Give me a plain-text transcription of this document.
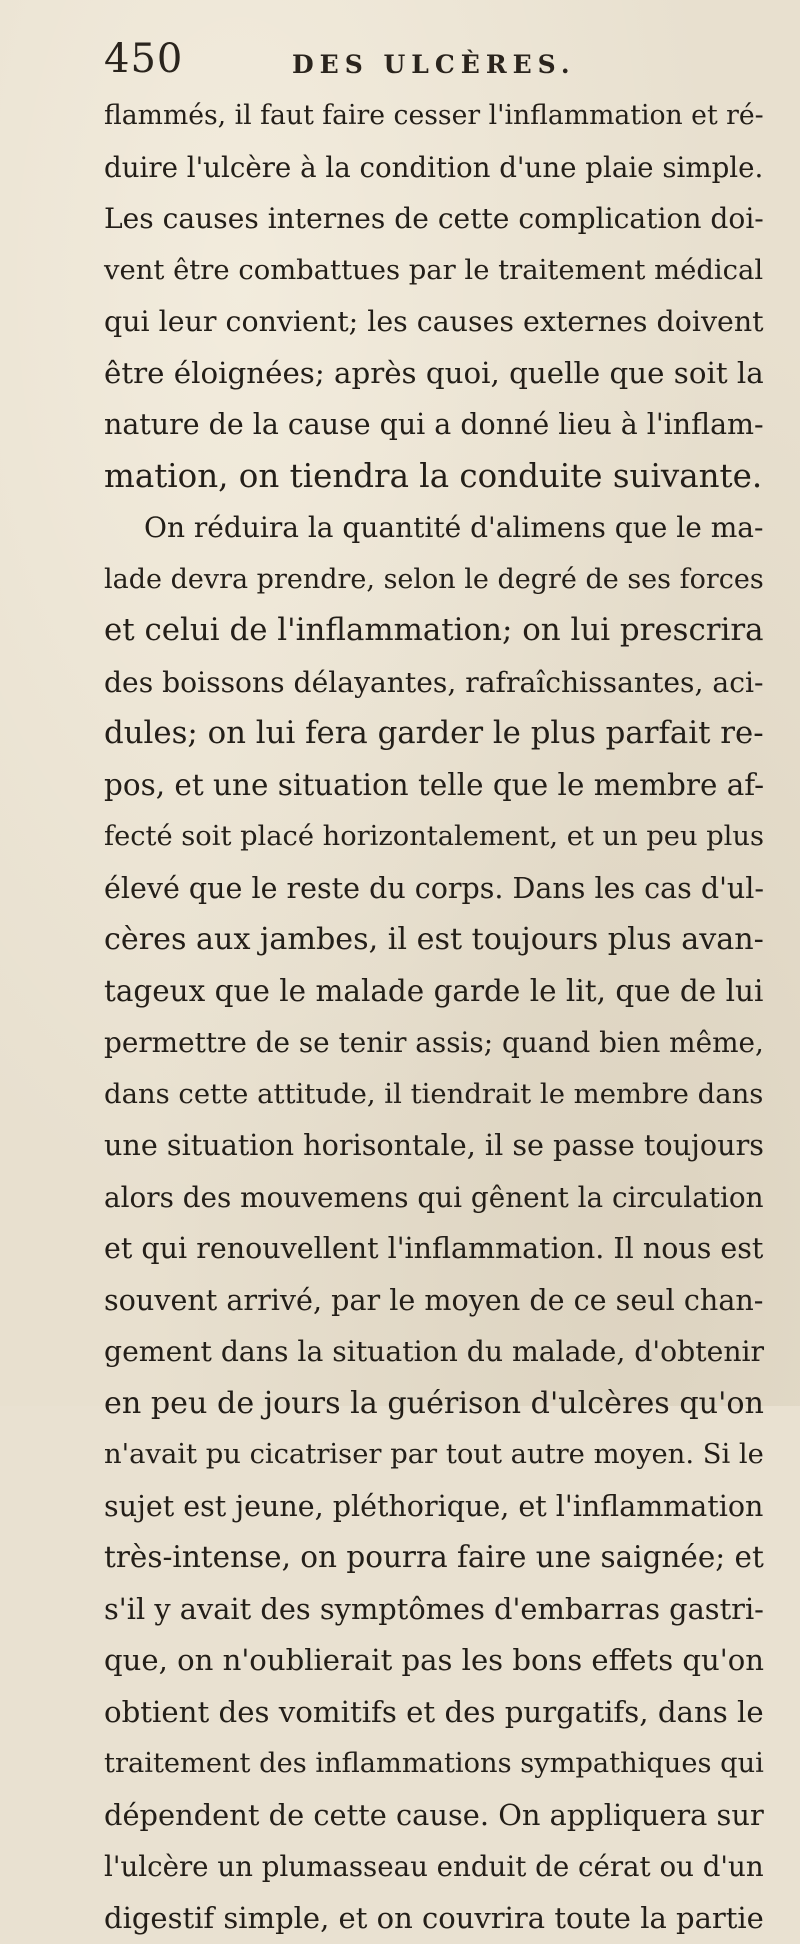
450	DES ULCÈRES.
flammés, il faut faire cesser l'inflammation et ré-
duire l'ulcère à la condition d'une plaie simple.
Les causes internes de cette complication doi-
vent être combattues par le traitement médical
qui leur convient; les causes externes doivent
être éloignées; après quoi, quelle que soit la
nature de la cause qui a donné lieu à l'inflam-
mation, on tiendra la conduite suivante.
On réduira la quantité d'alimens que le ma-
lade devra prendre, selon le degré de ses forces
et celui de l'inflammation; on lui prescrira
des boissons délayantes, rafraîchissantes, aci-
dules; on lui fera garder le plus parfait re-
pos, et une situation telle que le membre af-
fecté soit placé horizontalement, et un peu plus
élevé que le reste du corps. Dans les cas d'ul-
cères aux jambes, il est toujours plus avan-
tageux que le malade garde le lit, que de lui
permettre de se tenir assis; quand bien même,
dans cette attitude, il tiendrait le membre dans
une situation horisontale, il se passe toujours
alors des mouvemens qui gênent la circulation
et qui renouvellent l'inflammation. Il nous est
souvent arrivé, par le moyen de ce seul chan-
gement dans la situation du malade, d'obtenir
en peu de jours la guérison d'ulcères qu'on
n'avait pu cicatriser par tout autre moyen. Si le
sujet est jeune, pléthorique, et l'inflammation
très-intense, on pourra faire une saignée; et
s'il y avait des symptômes d'embarras gastri-
que, on n'oublierait pas les bons effets qu'on
obtient des vomitifs et des purgatifs, dans le
traitement des inflammations sympathiques qui
dépendent de cette cause. On appliquera sur
l'ulcère un plumasseau enduit de cérat ou d'un
digestif simple, et on couvrira toute la partie
